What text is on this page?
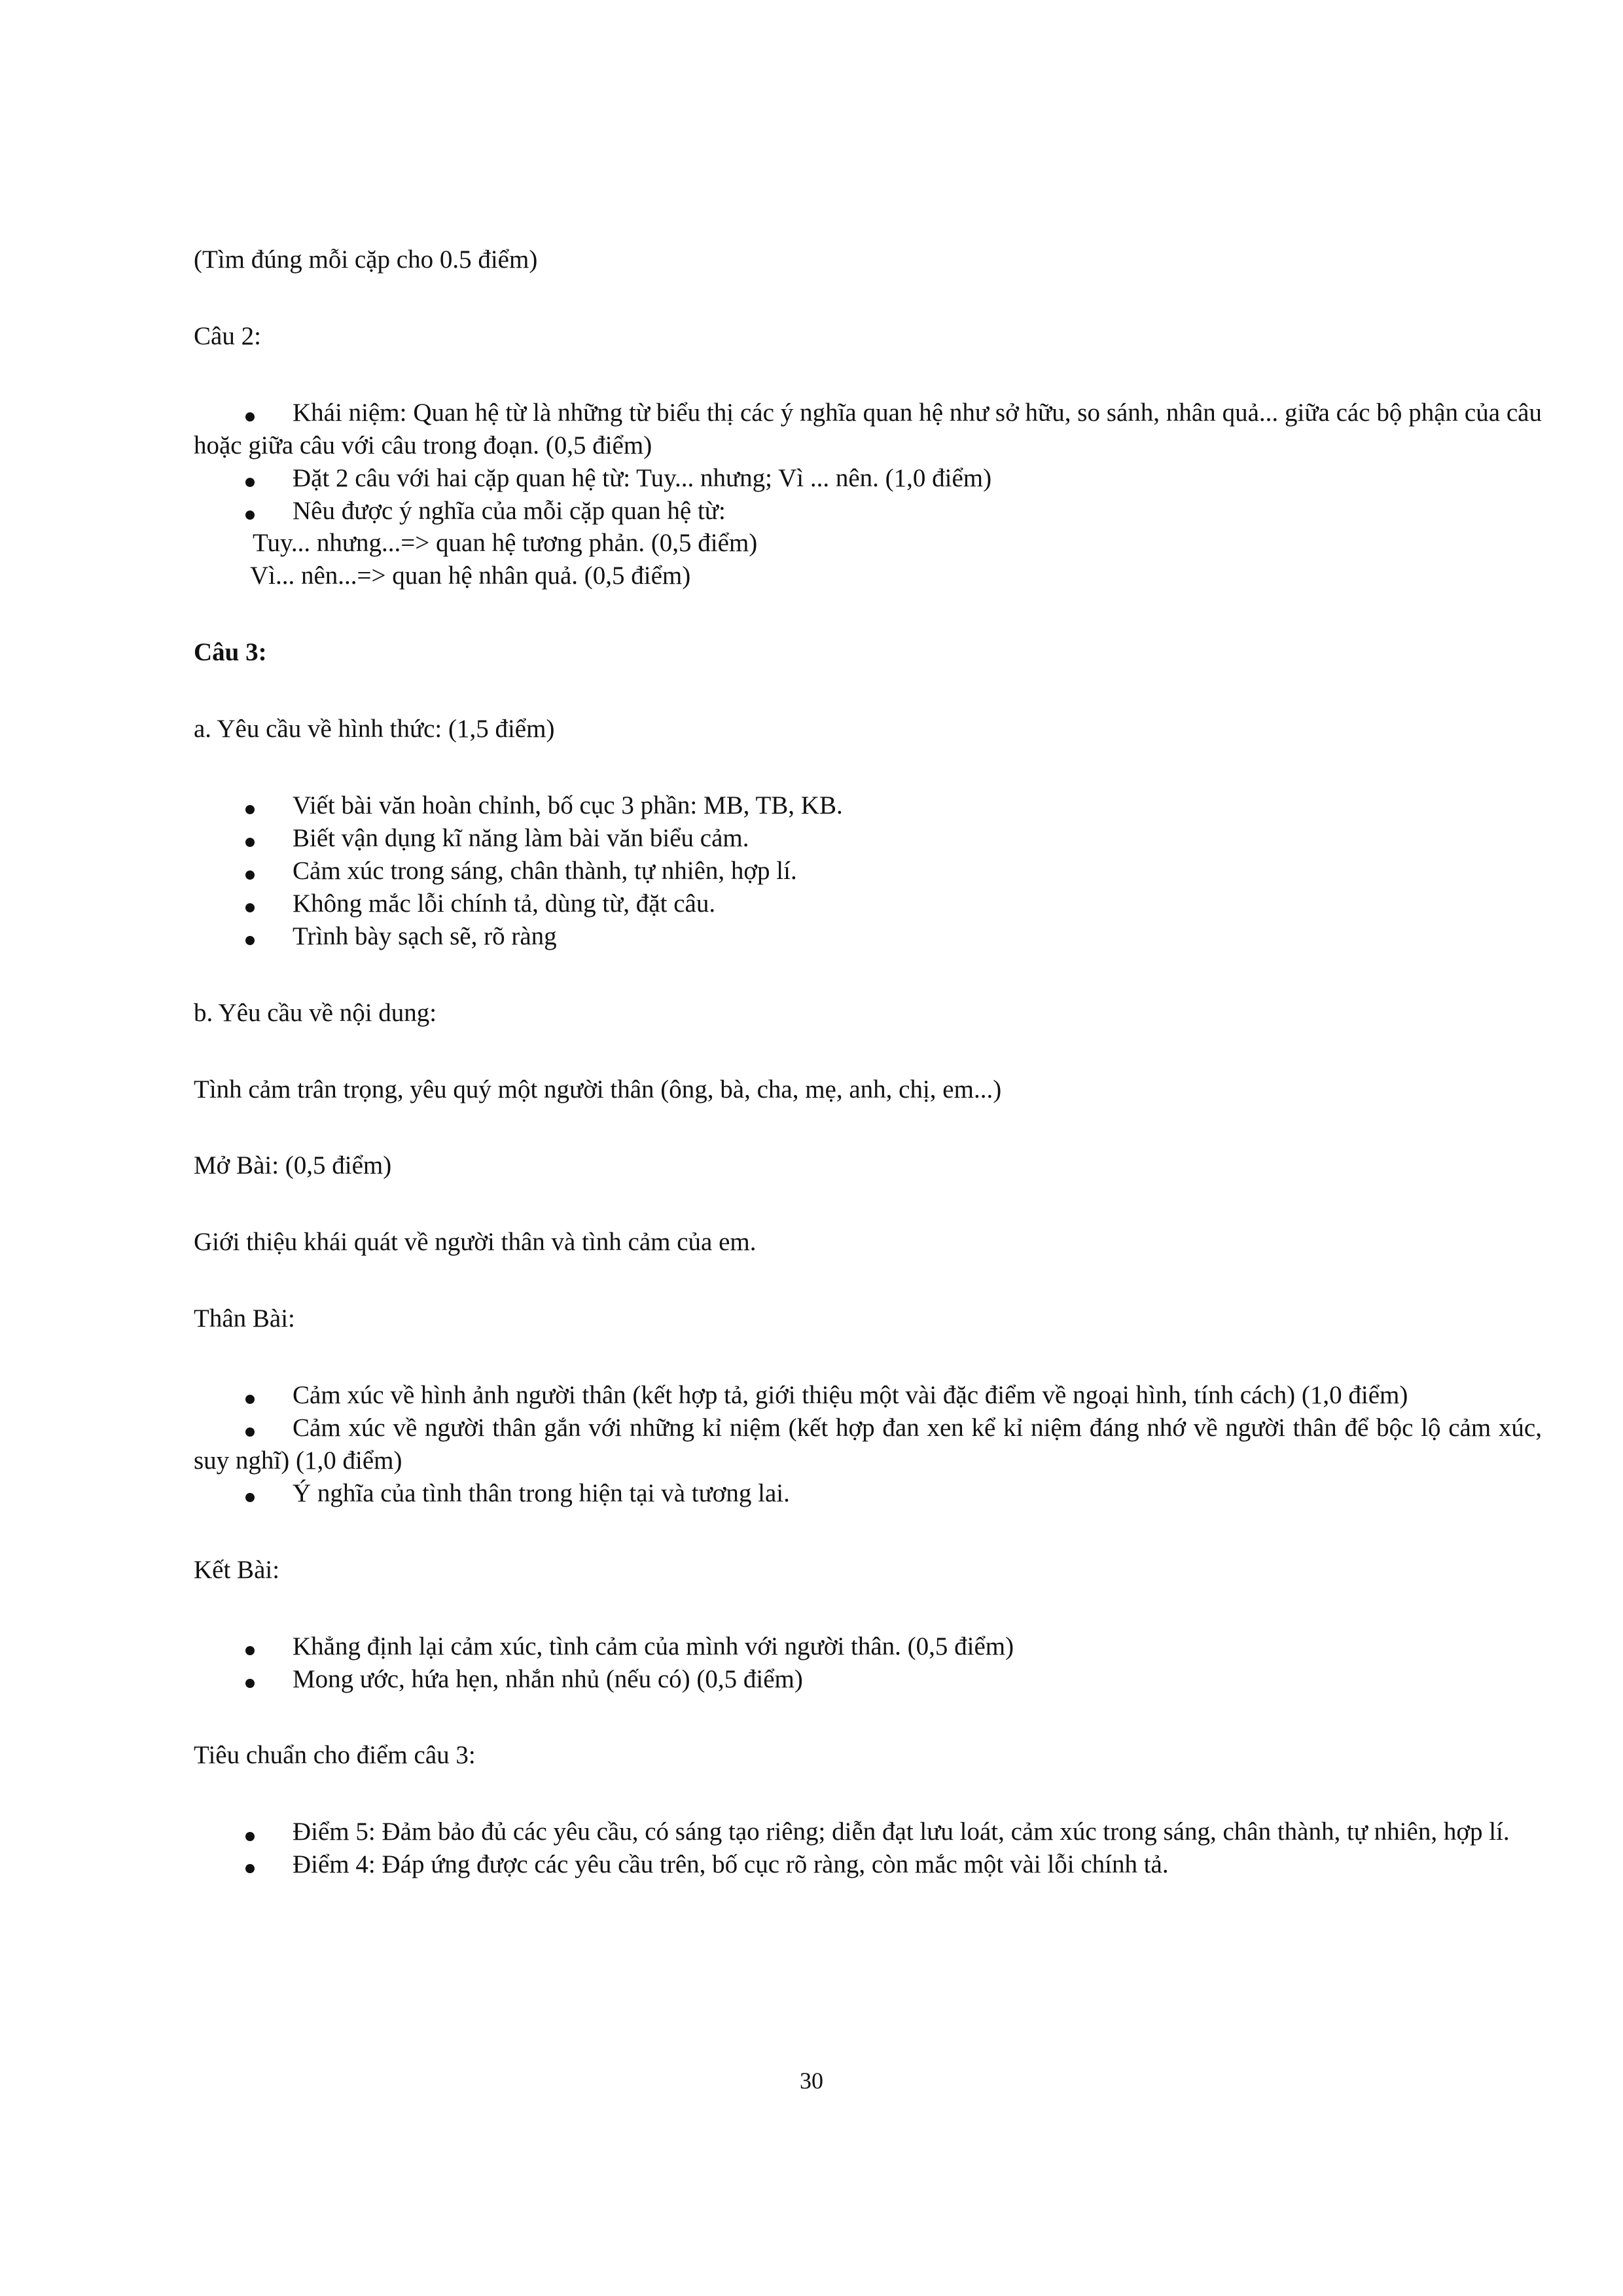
(Tìm đúng mỗi cặp cho 0.5 điểm)

Câu 2:

Khái niệm: Quan hệ từ là những từ biểu thị các ý nghĩa quan hệ như sở hữu, so sánh, nhân quả... giữa các bộ phận của câu hoặc giữa câu với câu trong đoạn. (0,5 điểm)
Đặt 2 câu với hai cặp quan hệ từ: Tuy... nhưng; Vì ... nên. (1,0 điểm)
Nêu được ý nghĩa của mỗi cặp quan hệ từ:
Tuy... nhưng...=> quan hệ tương phản. (0,5 điểm)
Vì... nên...=> quan hệ nhân quả. (0,5 điểm)

Câu 3:

a. Yêu cầu về hình thức: (1,5 điểm)

Viết bài văn hoàn chỉnh, bố cục 3 phần: MB, TB, KB.
Biết vận dụng kĩ năng làm bài văn biểu cảm.
Cảm xúc trong sáng, chân thành, tự nhiên, hợp lí.
Không mắc lỗi chính tả, dùng từ, đặt câu.
Trình bày sạch sẽ, rõ ràng

b. Yêu cầu về nội dung:

Tình cảm trân trọng, yêu quý một người thân (ông, bà, cha, mẹ, anh, chị, em...)

Mở Bài: (0,5 điểm)

Giới thiệu khái quát về người thân và tình cảm của em.

Thân Bài:

Cảm xúc về hình ảnh người thân (kết hợp tả, giới thiệu một vài đặc điểm về ngoại hình, tính cách) (1,0 điểm)
Cảm xúc về người thân gắn với những kỉ niệm (kết hợp đan xen kể kỉ niệm đáng nhớ về người thân để bộc lộ cảm xúc, suy nghĩ) (1,0 điểm)
Ý nghĩa của tình thân trong hiện tại và tương lai.

Kết Bài:

Khẳng định lại cảm xúc, tình cảm của mình với người thân. (0,5 điểm)
Mong ước, hứa hẹn, nhắn nhủ (nếu có) (0,5 điểm)

Tiêu chuẩn cho điểm câu 3:

Điểm 5: Đảm bảo đủ các yêu cầu, có sáng tạo riêng; diễn đạt lưu loát, cảm xúc trong sáng, chân thành, tự nhiên, hợp lí.
Điểm 4: Đáp ứng được các yêu cầu trên, bố cục rõ ràng, còn mắc một vài lỗi chính tả.
30
